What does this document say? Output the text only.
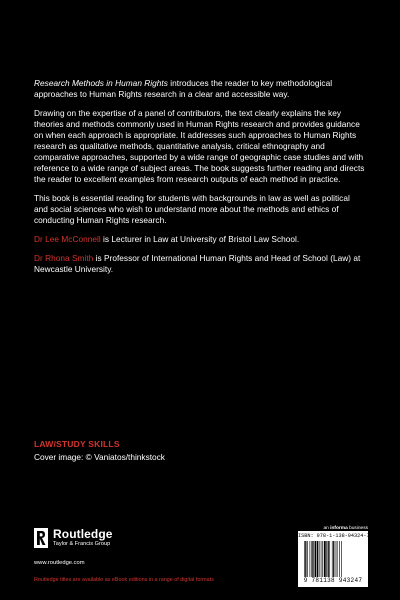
Research Methods in Human Rights introduces the reader to key methodological approaches to Human Rights research in a clear and accessible way.

Drawing on the expertise of a panel of contributors, the text clearly explains the key theories and methods commonly used in Human Rights research and provides guidance on when each approach is appropriate. It addresses such approaches to Human Rights research as qualitative methods, quantitative analysis, critical ethnography and comparative approaches, supported by a wide range of geographic case studies and with reference to a wide range of subject areas. The book suggests further reading and directs the reader to excellent examples from research outputs of each method in practice.

This book is essential reading for students with backgrounds in law as well as political and social sciences who wish to understand more about the methods and ethics of conducting Human Rights research.

Dr Lee McConnell is Lecturer in Law at University of Bristol Law School.

Dr Rhona Smith is Professor of International Human Rights and Head of School (Law) at Newcastle University.

LAW/STUDY SKILLS
Cover image: © Vaniatos/thinkstock
Routledge
Taylor & Francis Group
www.routledge.com
Routledge titles are available as eBook editions in a range of digital formats
an informa business
ISBN: 978-1-138-94324-7
9 781138 943247
